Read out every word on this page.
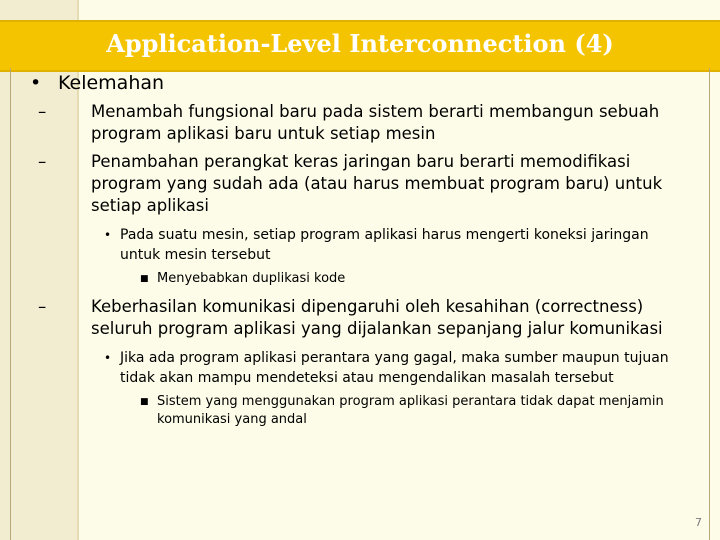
Application-Level Interconnection (4)
• Kelemahan
–	Menambah fungsional baru pada sistem berarti membangun sebuah program aplikasi baru untuk setiap mesin
–	Penambahan perangkat keras jaringan baru berarti memodifikasi program yang sudah ada (atau harus membuat program baru) untuk setiap aplikasi
• Pada suatu mesin, setiap program aplikasi harus mengerti koneksi jaringan untuk mesin tersebut
■ Menyebabkan duplikasi kode
–	Keberhasilan komunikasi dipengaruhi oleh kesahihan (correctness) seluruh program aplikasi yang dijalankan sepanjang jalur komunikasi
• Jika ada program aplikasi perantara yang gagal, maka sumber maupun tujuan tidak akan mampu mendeteksi atau mengendalikan masalah tersebut
■ Sistem yang menggunakan program aplikasi perantara tidak dapat menjamin komunikasi yang andal
7
